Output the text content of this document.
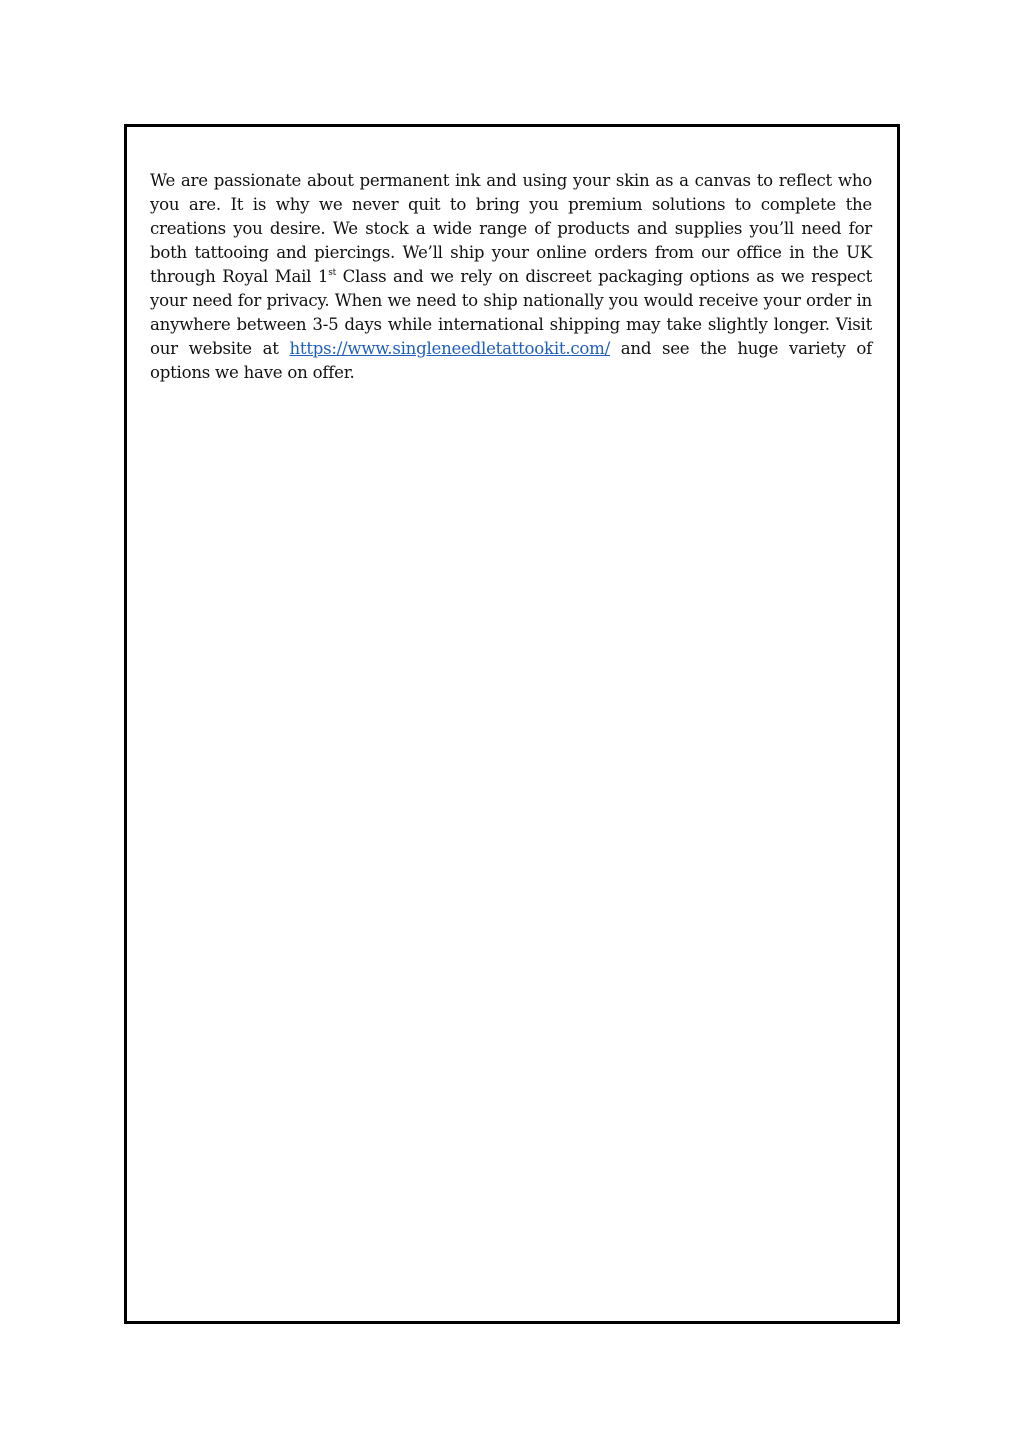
We are passionate about permanent ink and using your skin as a canvas to reflect who you are. It is why we never quit to bring you premium solutions to complete the creations you desire. We stock a wide range of products and supplies you’ll need for both tattooing and piercings. We’ll ship your online orders from our office in the UK through Royal Mail 1st Class and we rely on discreet packaging options as we respect your need for privacy. When we need to ship nationally you would receive your order in anywhere between 3-5 days while international shipping may take slightly longer. Visit our website at https://www.singleneedletattookit.com/ and see the huge variety of options we have on offer.
